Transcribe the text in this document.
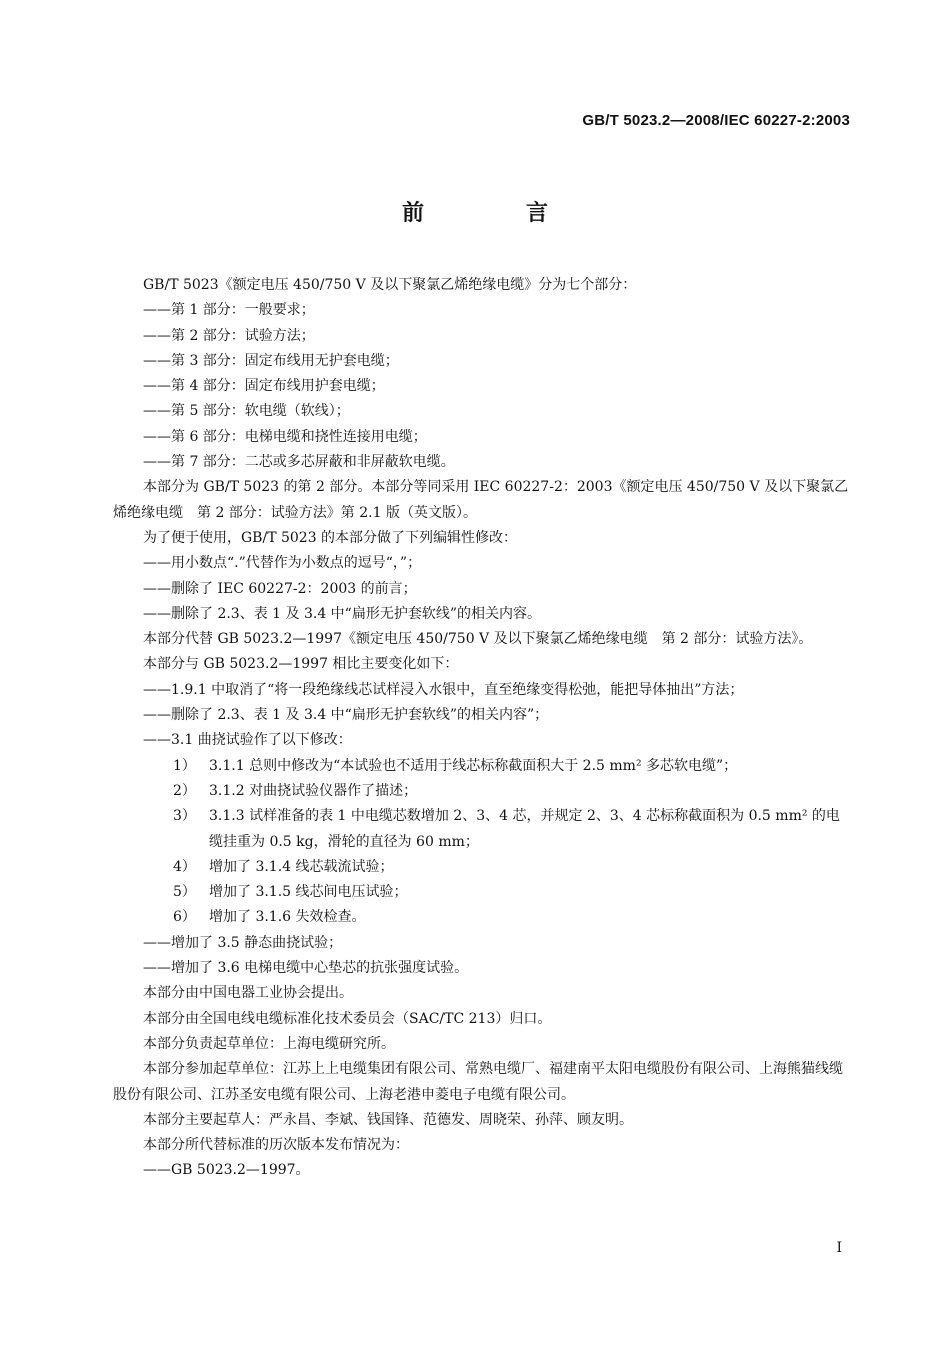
GB/T 5023.2—2008/IEC 60227-2:2003
前　言

GB/T 5023《额定电压 450/750 V 及以下聚氯乙烯绝缘电缆》分为七个部分：

——第 1 部分：一般要求；

——第 2 部分：试验方法；

——第 3 部分：固定布线用无护套电缆；

——第 4 部分：固定布线用护套电缆；

——第 5 部分：软电缆（软线）；

——第 6 部分：电梯电缆和挠性连接用电缆；

——第 7 部分：二芯或多芯屏蔽和非屏蔽软电缆。

本部分为 GB/T 5023 的第 2 部分。本部分等同采用 IEC 60227-2：2003《额定电压 450/750 V 及以下聚氯乙烯绝缘电缆　第 2 部分：试验方法》第 2.1 版（英文版）。

为了便于使用，GB/T 5023 的本部分做了下列编辑性修改：

——用小数点“.”代替作为小数点的逗号“，”；

——删除了 IEC 60227-2：2003 的前言；

——删除了 2.3、表 1 及 3.4 中“扁形无护套软线”的相关内容。

本部分代替 GB 5023.2—1997《额定电压 450/750 V 及以下聚氯乙烯绝缘电缆　第 2 部分：试验方法》。

本部分与 GB 5023.2—1997 相比主要变化如下：

——1.9.1 中取消了“将一段绝缘线芯试样浸入水银中，直至绝缘变得松弛，能把导体抽出”方法；

——删除了 2.3、表 1 及 3.4 中“扁形无护套软线”的相关内容”；

——3.1 曲挠试验作了以下修改：

1） 3.1.1 总则中修改为“本试验也不适用于线芯标称截面积大于 2.5 mm² 多芯软电缆”；
2） 3.1.2 对曲挠试验仪器作了描述；
3） 3.1.3 试样准备的表 1 中电缆芯数增加 2、3、4 芯，并规定 2、3、4 芯标称截面积为 0.5 mm² 的电缆挂重为 0.5 kg，滑轮的直径为 60 mm；
4） 增加了 3.1.4 线芯载流试验；
5） 增加了 3.1.5 线芯间电压试验；
6） 增加了 3.1.6 失效检查。

——增加了 3.5 静态曲挠试验；

——增加了 3.6 电梯电缆中心垫芯的抗张强度试验。

本部分由中国电器工业协会提出。

本部分由全国电线电缆标准化技术委员会（SAC/TC 213）归口。

本部分负责起草单位：上海电缆研究所。

本部分参加起草单位：江苏上上电缆集团有限公司、常熟电缆厂、福建南平太阳电缆股份有限公司、上海熊猫线缆股份有限公司、江苏圣安电缆有限公司、上海老港申菱电子电缆有限公司。

本部分主要起草人：严永昌、李斌、钱国锋、范德发、周晓荣、孙萍、顾友明。

本部分所代替标准的历次版本发布情况为：

——GB 5023.2—1997。

I
